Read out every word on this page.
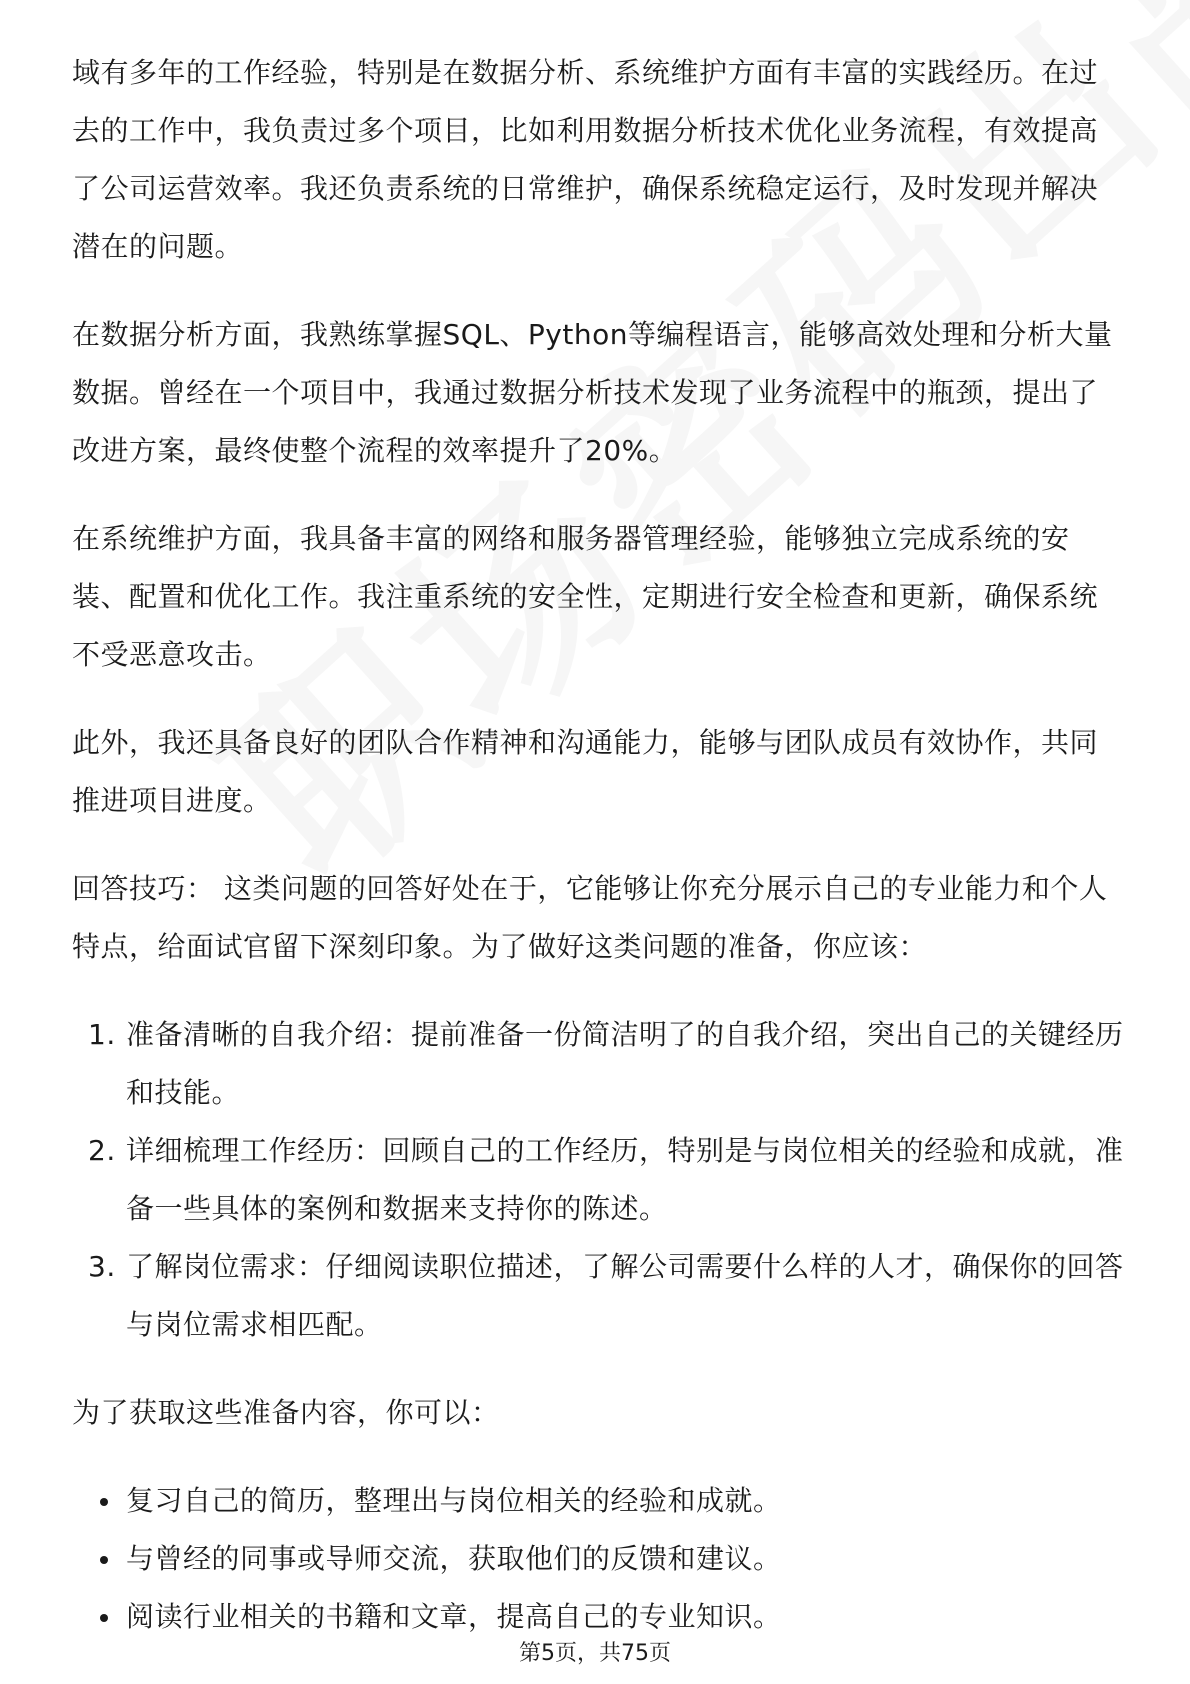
域有多年的工作经验，特别是在数据分析、系统维护方面有丰富的实践经历。在过去的工作中，我负责过多个项目，比如利用数据分析技术优化业务流程，有效提高了公司运营效率。我还负责系统的日常维护，确保系统稳定运行，及时发现并解决潜在的问题。

在数据分析方面，我熟练掌握SQL、Python等编程语言，能够高效处理和分析大量数据。曾经在一个项目中，我通过数据分析技术发现了业务流程中的瓶颈，提出了改进方案，最终使整个流程的效率提升了20%。

在系统维护方面，我具备丰富的网络和服务器管理经验，能够独立完成系统的安装、配置和优化工作。我注重系统的安全性，定期进行安全检查和更新，确保系统不受恶意攻击。

此外，我还具备良好的团队合作精神和沟通能力，能够与团队成员有效协作，共同推进项目进度。

回答技巧： 这类问题的回答好处在于，它能够让你充分展示自己的专业能力和个人特点，给面试官留下深刻印象。为了做好这类问题的准备，你应该：

1. 准备清晰的自我介绍：提前准备一份简洁明了的自我介绍，突出自己的关键经历和技能。
2. 详细梳理工作经历：回顾自己的工作经历，特别是与岗位相关的经验和成就，准备一些具体的案例和数据来支持你的陈述。
3. 了解岗位需求：仔细阅读职位描述，了解公司需要什么样的人才，确保你的回答与岗位需求相匹配。

为了获取这些准备内容，你可以：

复习自己的简历，整理出与岗位相关的经验和成就。
与曾经的同事或导师交流，获取他们的反馈和建议。
阅读行业相关的书籍和文章，提高自己的专业知识。
第5页，共75页
